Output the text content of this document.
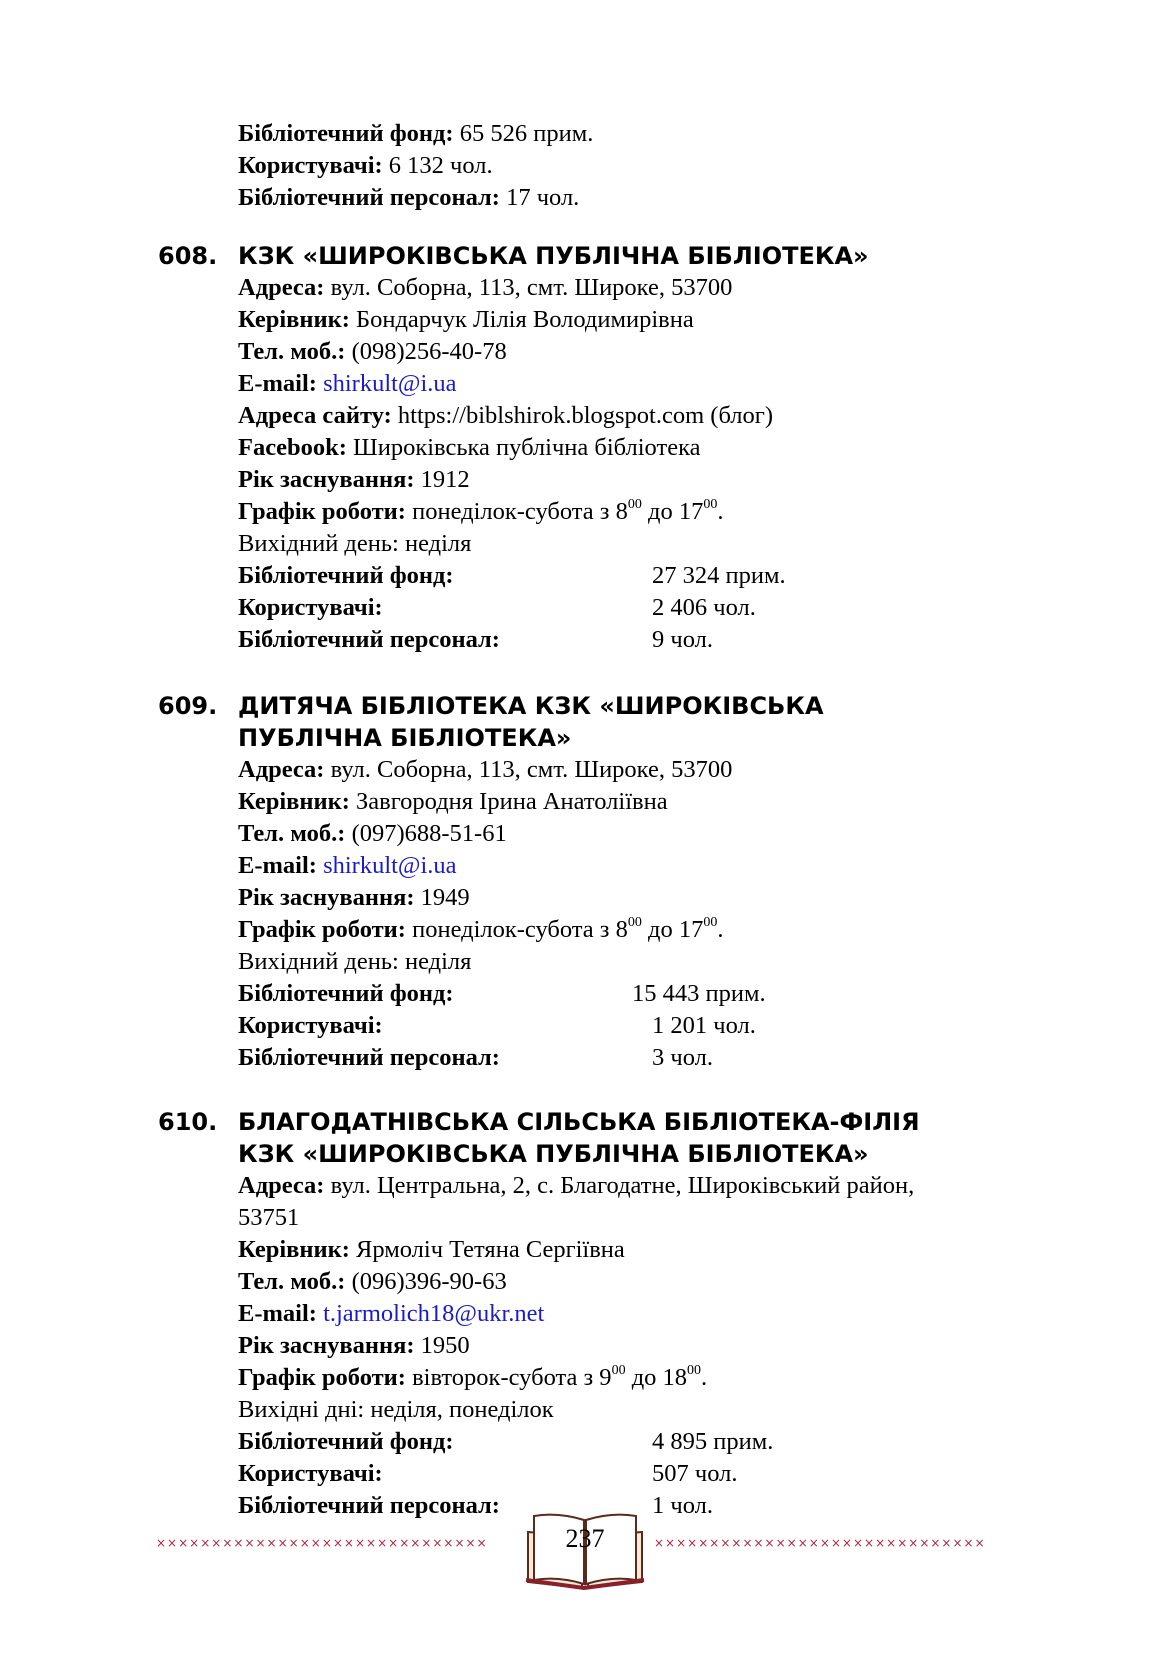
Бібліотечний фонд: 65 526 прим.
Користувачі: 6 132 чол.
Бібліотечний персонал: 17 чол.
608. КЗК «ШИРОКІВСЬКА ПУБЛІЧНА БІБЛІОТЕКА»
Адреса: вул. Соборна, 113, смт. Широке, 53700
Керівник: Бондарчук Лілія Володимирівна
Тел. моб.: (098)256-40-78
E-mail: shirkult@i.ua
Адреса сайту: https://biblshirok.blogspot.com (блог)
Facebook: Широківська публічна бібліотека
Рік заснування: 1912
Графік роботи: понеділок-субота з $8^{00}$ до $17^{00}$.
Вихідний день: неділя
Бібліотечний фонд:	27 324 прим.
Користувачі:	2 406 чол.
Бібліотечний персонал:	9 чол.
609. ДИТЯЧА БІБЛІОТЕКА КЗК «ШИРОКІВСЬКА
ПУБЛІЧНА БІБЛІОТЕКА»
Адреса: вул. Соборна, 113, смт. Широке, 53700
Керівник: Завгородня Ірина Анатоліївна
Тел. моб.: (097)688-51-61
E-mail: shirkult@i.ua
Рік заснування: 1949
Графік роботи: понеділок-субота з $8^{00}$ до $17^{00}$.
Вихідний день: неділя
Бібліотечний фонд:	15 443 прим.
Користувачі:	1 201 чол.
Бібліотечний персонал:	3 чол.
610. БЛАГОДАТНІВСЬКА СІЛЬСЬКА БІБЛІОТЕКА-ФІЛІЯ
КЗК «ШИРОКІВСЬКА ПУБЛІЧНА БІБЛІОТЕКА»
Адреса: вул. Центральна, 2, с. Благодатне, Широківський район,
53751
Керівник: Ярмоліч Тетяна Сергіївна
Тел. моб.: (096)396-90-63
E-mail: t.jarmolich18@ukr.net
Рік заснування: 1950
Графік роботи: вівторок-субота з $9^{00}$ до $18^{00}$.
Вихідні дні: неділя, понеділок
Бібліотечний фонд:	4 895 прим.
Користувачі:	507 чол.
Бібліотечний персонал:	1 чол.
××××××××××××××××××××××××××××××	××××××××××××××××××××××××××××××
237
